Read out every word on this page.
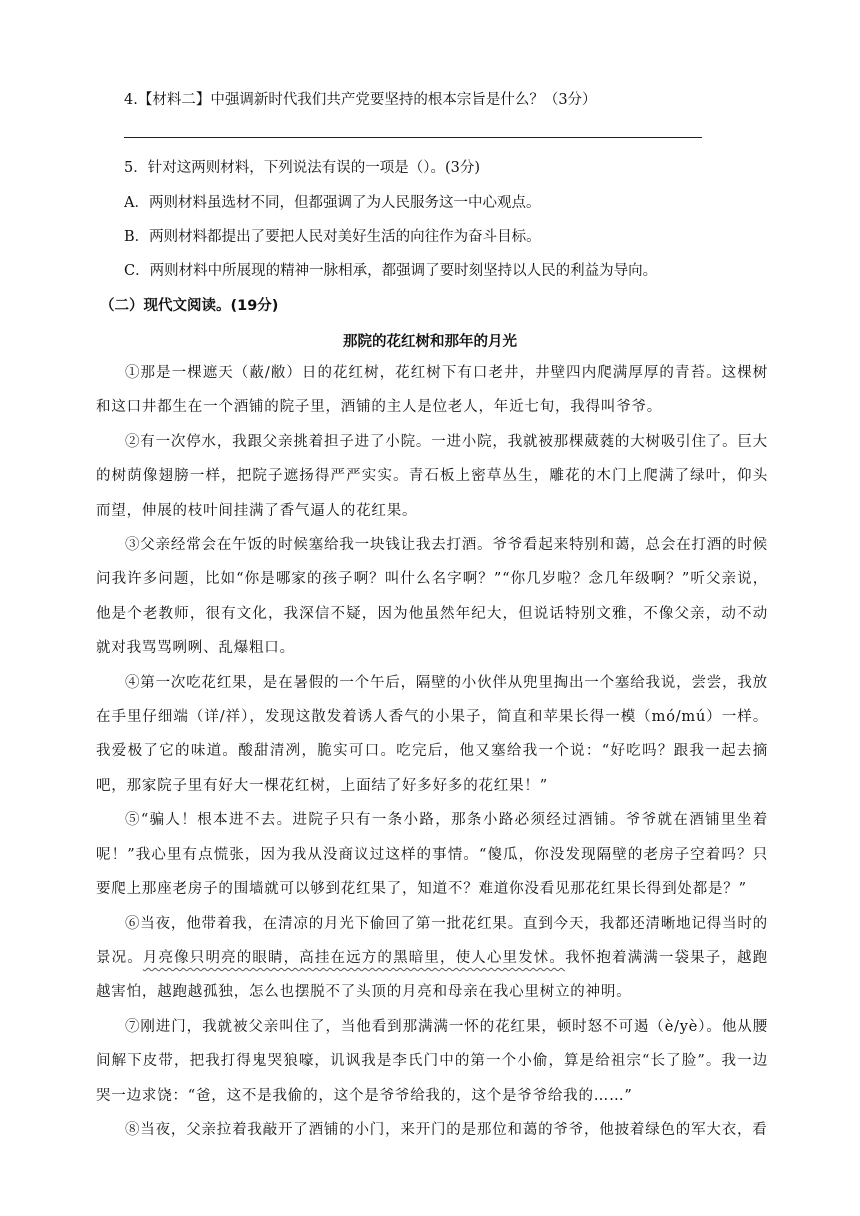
4.【材料二】中强调新时代我们共产党要坚持的根本宗旨是什么？（3分）
5．针对这两则材料，下列说法有误的一项是（）。(3分)
A．两则材料虽选材不同，但都强调了为人民服务这一中心观点。
B．两则材料都提出了要把人民对美好生活的向往作为奋斗目标。
C．两则材料中所展现的精神一脉相承，都强调了要时刻坚持以人民的利益为导向。
（二）现代文阅读。(19分)
那院的花红树和那年的月光

①那是一棵遮天（蔽/敝）日的花红树，花红树下有口老井，井壁四内爬满厚厚的青苔。这棵树和这口井都生在一个酒铺的院子里，酒铺的主人是位老人，年近七旬，我得叫爷爷。

②有一次停水，我跟父亲挑着担子进了小院。一进小院，我就被那棵葳蕤的大树吸引住了。巨大的树荫像翅膀一样，把院子遮扬得严严实实。青石板上密草丛生，雕花的木门上爬满了绿叶，仰头而望，伸展的枝叶间挂满了香气逼人的花红果。

③父亲经常会在午饭的时候塞给我一块钱让我去打酒。爷爷看起来特别和蔼，总会在打酒的时候问我许多问题，比如“你是哪家的孩子啊？叫什么名字啊？”“你几岁啦？念几年级啊？”听父亲说，他是个老教师，很有文化，我深信不疑，因为他虽然年纪大，但说话特别文雅，不像父亲，动不动就对我骂骂咧咧、乱爆粗口。

④第一次吃花红果，是在暑假的一个午后，隔壁的小伙伴从兜里掏出一个塞给我说，尝尝，我放在手里仔细端（详/祥），发现这散发着诱人香气的小果子，简直和苹果长得一模（mó/mú）一样。我爱极了它的味道。酸甜清冽，脆实可口。吃完后，他又塞给我一个说：“好吃吗？跟我一起去摘吧，那家院子里有好大一棵花红树，上面结了好多好多的花红果！”

⑤“骗人！根本进不去。进院子只有一条小路，那条小路必须经过酒铺。爷爷就在酒铺里坐着呢！”我心里有点慌张，因为我从没商议过这样的事情。“傻瓜，你没发现隔壁的老房子空着吗？只要爬上那座老房子的围墙就可以够到花红果了，知道不？难道你没看见那花红果长得到处都是？”

⑥当夜，他带着我，在清凉的月光下偷回了第一批花红果。直到今天，我都还清晰地记得当时的景况。月亮像只明亮的眼睛，高挂在远方的黑暗里，使人心里发怵。我怀抱着满满一袋果子，越跑越害怕，越跑越孤独，怎么也摆脱不了头顶的月亮和母亲在我心里树立的神明。

⑦刚进门，我就被父亲叫住了，当他看到那满满一怀的花红果，顿时怒不可遏（è/yè）。他从腰间解下皮带，把我打得鬼哭狼嚎，讥讽我是李氏门中的第一个小偷，算是给祖宗“长了脸”。我一边哭一边求饶：“爸，这不是我偷的，这个是爷爷给我的，这个是爷爷给我的……”

⑧当夜，父亲拉着我敲开了酒铺的小门，来开门的是那位和蔼的爷爷，他披着绿色的军大衣，看
